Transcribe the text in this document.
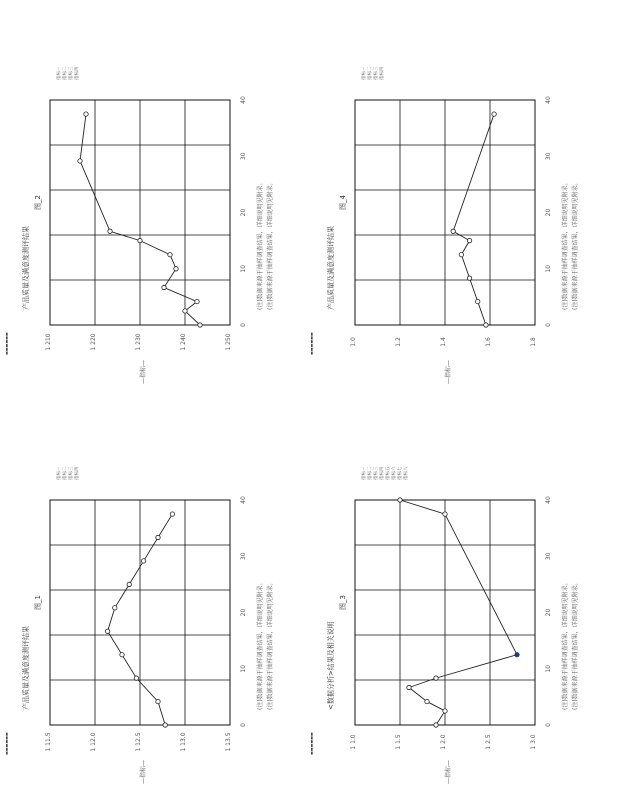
▬▬▬▬▬▬
▬▬▬▬▬▬
▬▬▬▬▬▬
▬▬▬▬▬▬
产品质量及满意度测评结果
图_1
1 11.5	1 12.0	1 12.5	1 13.0	1 13.5
0
10
20
30
40
—指标—
(注)数据来源于抽样调查结果，详细说明见附录。 (注)数据来源于抽样调查结果，详细说明见附录。
指标一 指标二 指标三 指标四
产品质量及满意度测评结果
图_2
1 210	1 220	1 230	1 240	1 250
0
10
20
30
40
—指标—
(注)数据来源于抽样调查结果，详细说明见附录。 (注)数据来源于抽样调查结果，详细说明见附录。
指标一 指标二 指标三 指标四
<数据分析>结果及相关说明
图_3
1 1.0	1 1.5	1 2.0	1 2.5	1 3.0
0
10
20
30
40
—指标—
(注)数据来源于抽样调查结果，详细说明见附录。 (注)数据来源于抽样调查结果，详细说明见附录。
指标一 指标二 指标三 指标四 指标五 指标六 指标七 指标八
产品质量及满意度测评结果
图_4
1.0	1.2	1.4	1.6	1.8
0
10
20
30
40
—指标—
(注)数据来源于抽样调查结果，详细说明见附录。 (注)数据来源于抽样调查结果，详细说明见附录。
指标一 指标二 指标三 指标四
